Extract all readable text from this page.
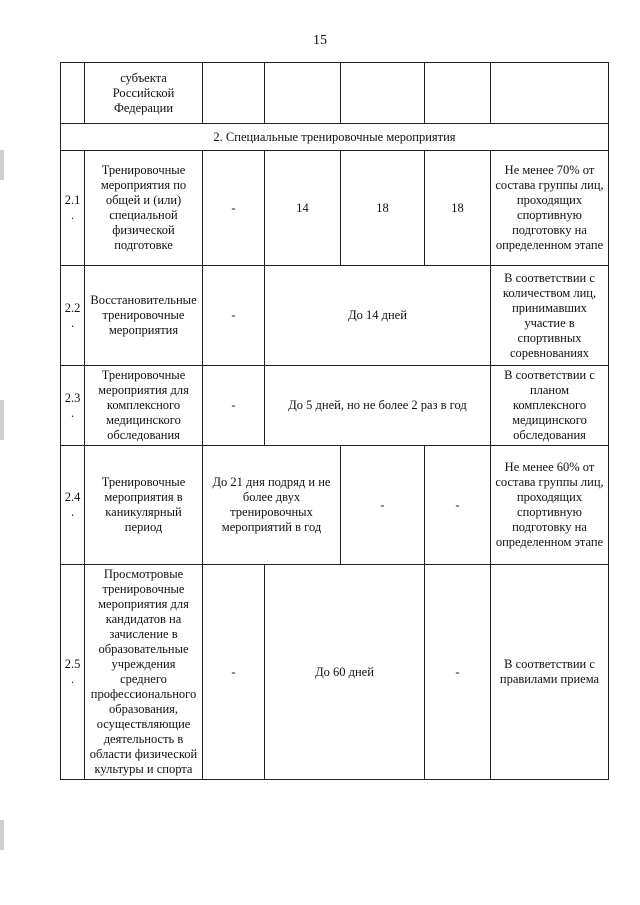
15
	субъекта Российской Федерации					
2. Специальные тренировочные мероприятия						
2.1.	Тренировочные мероприятия по общей и (или) специальной физической подготовке	-	14	18	18	Не менее 70% от состава группы лиц, проходящих спортивную подготовку на определенном этапе
2.2.	Восстановительные тренировочные мероприятия	-	До 14 дней			В соответствии с количеством лиц, принимавших участие в спортивных соревнованиях
2.3.	Тренировочные мероприятия для комплексного медицинского обследования	-	До 5 дней, но не более 2 раз в год			В соответствии с планом комплексного медицинского обследования
2.4.	Тренировочные мероприятия в каникулярный период	До 21 дня подряд и не более двух тренировочных мероприятий в год		-	-	Не менее 60% от состава группы лиц, проходящих спортивную подготовку на определенном этапе
2.5.	Просмотровые тренировочные мероприятия для кандидатов на зачисление в образовательные учреждения среднего профессионального образования, осуществляющие деятельность в области физической культуры и спорта	-	До 60 дней		-	В соответствии с правилами приема
